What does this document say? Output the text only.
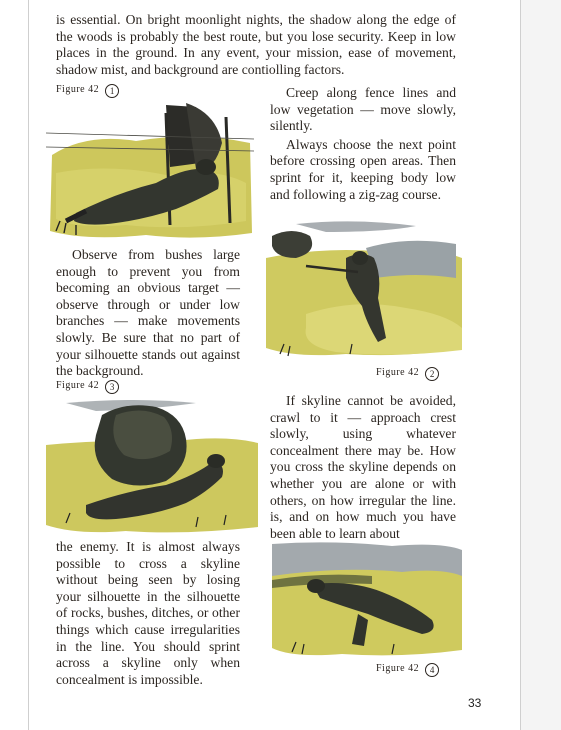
is essential. On bright moonlight nights, the shadow along the edge of the woods is probably the best route, but you lose security. Keep in low places in the ground. In any event, your mission, ease of movement, shadow mist, and background are contiolling factors.

Figure 42 1	Creep along fence lines and low vegetation — move slowly, silently.

Always choose the next point before crossing open areas. Then sprint for it, keeping body low and following a zig-zag course.

Observe from bushes large enough to prevent you from becoming an obvious target — observe through or under low branches — make movements slowly. Be sure that no part of your silhouette stands out against the background.	Figure 42 2
Figure 42 3

If skyline cannot be avoided, crawl to it — approach crest slowly, using whatever concealment there may be. How you cross the skyline depends on whether you are alone or with others, on how irregular the line. is, and on how much you have been able to learn about

the enemy. It is almost always possible to cross a skyline without being seen by losing your silhouette in the silhouette of rocks, bushes, ditches, or other things which cause irregularities in the line. You should sprint across a skyline only when concealment is impossible.

Figure 42 4
33
